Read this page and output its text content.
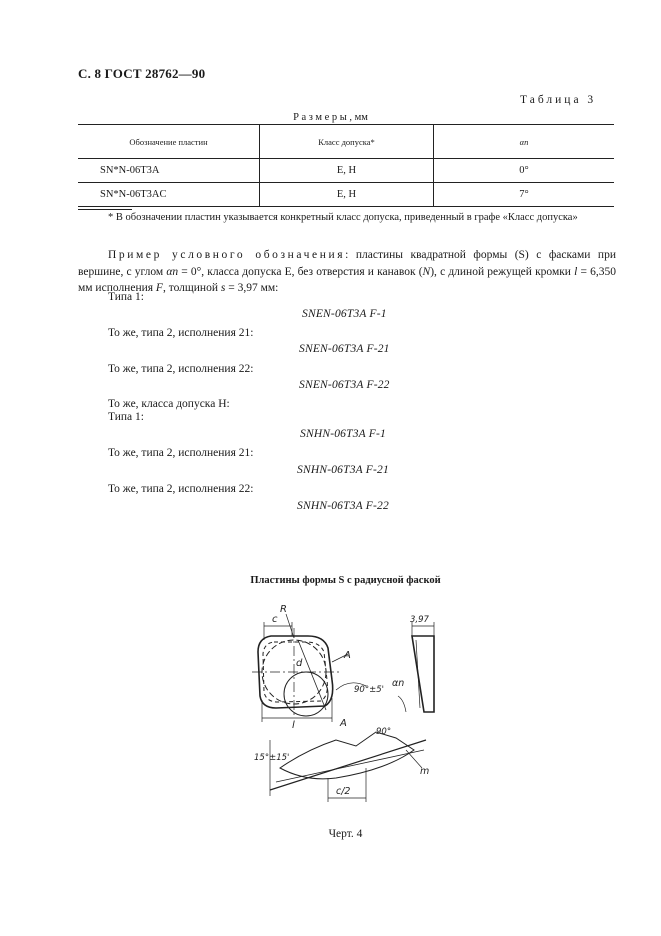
С. 8 ГОСТ 28762—90
Таблица 3
Размеры, мм
Обозначение пластин	Класс допуска*	αn
SN*N-06T3A	E, H	0°
SN*N-06T3AC	E, H	7°
* В обозначении пластин указывается конкретный класс допуска, приведенный в графе «Класс допуска»
Пример условного обозначения: пластины квадратной формы (S) с фасками при вершине, с углом αn = 0°, класса допуска E, без отверстия и канавок (N), с длиной режущей кромки l = 6,350 мм исполнения F, толщиной s = 3,97 мм:
Типа 1:
SNEN-06T3A F-1
То же, типа 2, исполнения 21:
SNEN-06T3A F-21
То же, типа 2, исполнения 22:
SNEN-06T3A F-22
То же, класса допуска H:
Типа 1:
SNHN-06T3A F-1
То же, типа 2, исполнения 21:
SNHN-06T3A F-21
То же, типа 2, исполнения 22:
SNHN-06T3A F-22
Пластины формы S с радиусной фаской
R
c
d
A
l
90°±5'
αn
3,97
A
90°
15°±15'
c/2
m
Черт. 4
